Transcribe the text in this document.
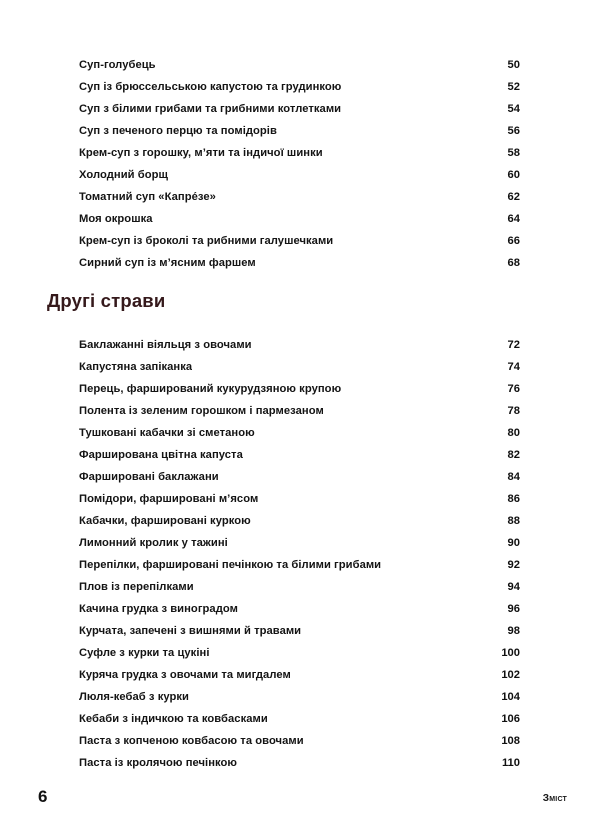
Суп-голубець . . .	50
Суп із брюссельською капустою та грудинкою . . .	52
Суп з білими грибами та грибними котлетками . . .	54
Суп з печеного перцю та помідорів . . .	56
Крем-суп з горошку, м’яти та індичої шинки . . .	58
Холодний борщ . . .	60
Томатний суп «Капре́зе» . . .	62
Моя окрошка . . .	64
Крем-суп із броколі та рибними галушечками . . .	66
Сирний суп із м’ясним фаршем . . .	68
Другі страви
Баклажанні віяльця з овочами . . .	72
Капустяна запіканка . . .	74
Перець, фарширований кукурудзяною крупою . . .	76
Полента із зеленим горошком і пармезаном . . .	78
Тушковані кабачки зі сметаною . . .	80
Фарширована цвітна капуста . . .	82
Фаршировані баклажани . . .	84
Помідори, фаршировані м’ясом . . .	86
Кабачки, фаршировані куркою . . .	88
Лимонний кролик у тажині . . .	90
Перепілки, фаршировані печінкою та білими грибами . . .	92
Плов із перепілками . . .	94
Качина грудка з виноградом . . .	96
Курчата, запечені з вишнями й травами . . .	98
Суфле з курки та цукіні . . .	100
Куряча грудка з овочами та мигдалем . . .	102
Люля-кебаб з курки . . .	104
Кебаби з індичкою та ковбасками . . .	106
Паста з копченою ковбасою та овочами . . .	108
Паста із кролячою печінкою . . .	110
6	зміст
